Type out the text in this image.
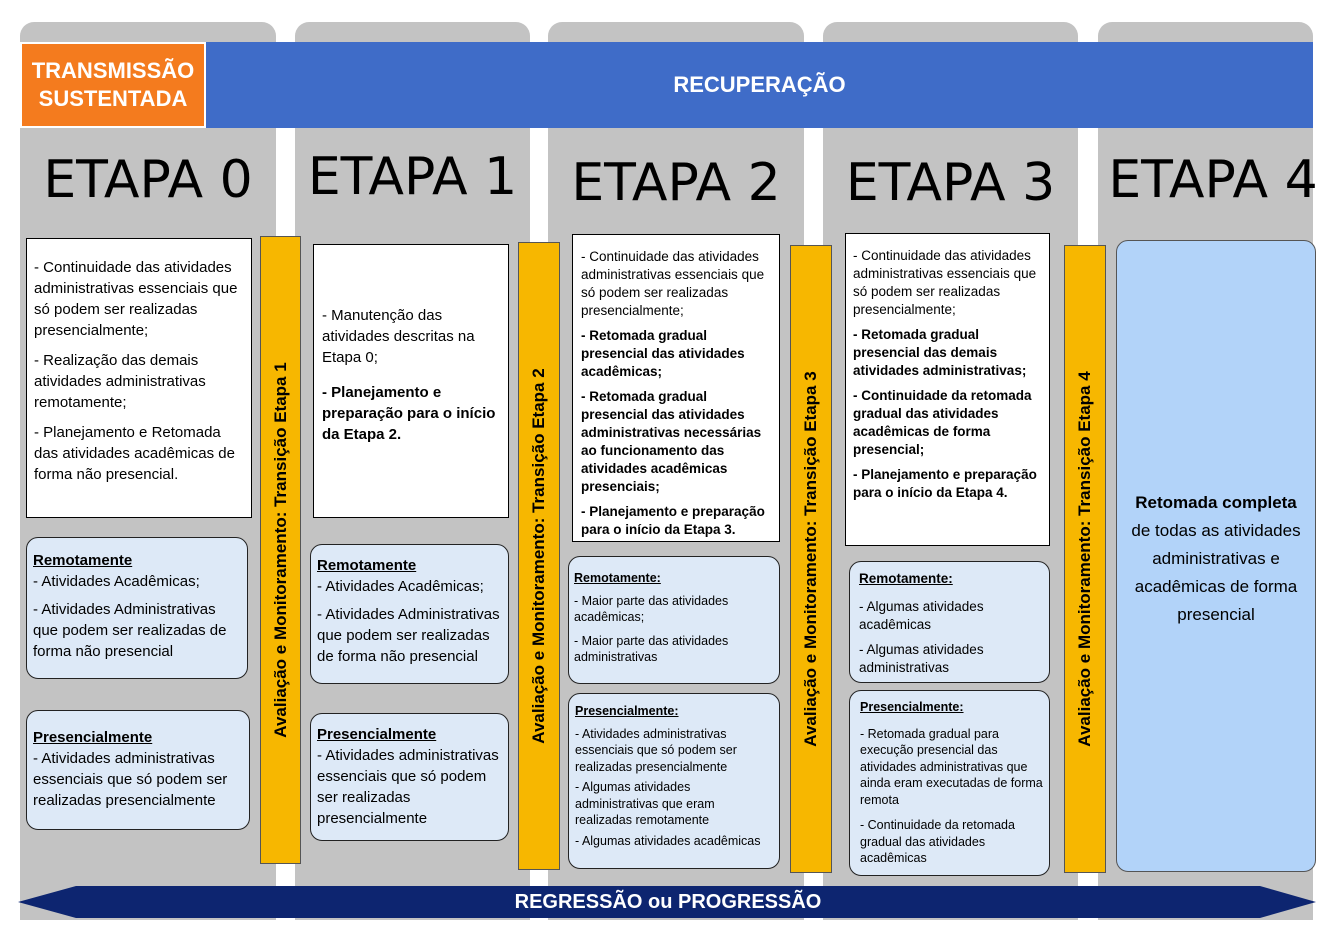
TRANSMISSÃO
SUSTENTADA
RECUPERAÇÃO
ETAPA 0	ETAPA 1	ETAPA 2	ETAPA 3	ETAPA 4

- Continuidade das atividades administrativas essenciais que só podem ser realizadas presencialmente;

- Realização das demais atividades administrativas remotamente;

- Planejamento e Retomada das atividades acadêmicas de forma não presencial.

Remotamente

- Atividades Acadêmicas;

- Atividades Administrativas que podem ser realizadas de forma não presencial

Presencialmente

- Atividades administrativas essenciais que só podem ser realizadas presencialmente

Avaliação e Monitoramento: Transição Etapa 1

- Manutenção das atividades descritas na Etapa 0;

- Planejamento e preparação para o início da Etapa 2.

Remotamente

- Atividades Acadêmicas;

- Atividades Administrativas que podem ser realizadas de forma não presencial

Presencialmente

- Atividades administrativas essenciais que só podem ser realizadas presencialmente

Avaliação e Monitoramento: Transição Etapa 2

- Continuidade das atividades administrativas essenciais que só podem ser realizadas presencialmente;

- Retomada gradual presencial das atividades acadêmicas;

- Retomada gradual presencial das atividades administrativas necessárias ao funcionamento das atividades acadêmicas presenciais;

- Planejamento e preparação para o início da Etapa 3.

Remotamente:

- Maior parte das atividades acadêmicas;

- Maior parte das atividades administrativas

Presencialmente:

- Atividades administrativas essenciais que só podem ser realizadas presencialmente

- Algumas atividades administrativas que eram realizadas remotamente

- Algumas atividades acadêmicas

Avaliação e Monitoramento: Transição Etapa 3

- Continuidade das atividades administrativas essenciais que só podem ser realizadas presencialmente;

- Retomada gradual presencial das demais atividades administrativas;

- Continuidade da retomada gradual das atividades acadêmicas de forma presencial;

- Planejamento e preparação para o início da Etapa 4.

Remotamente:

- Algumas atividades acadêmicas

- Algumas atividades administrativas

Presencialmente:

- Retomada gradual para execução presencial das atividades administrativas que ainda eram executadas de forma remota

- Continuidade da retomada gradual das atividades acadêmicas

Avaliação e Monitoramento: Transição Etapa 4	Retomada completa
de todas as atividades administrativas e acadêmicas de forma presencial
REGRESSÃO ou PROGRESSÃO
